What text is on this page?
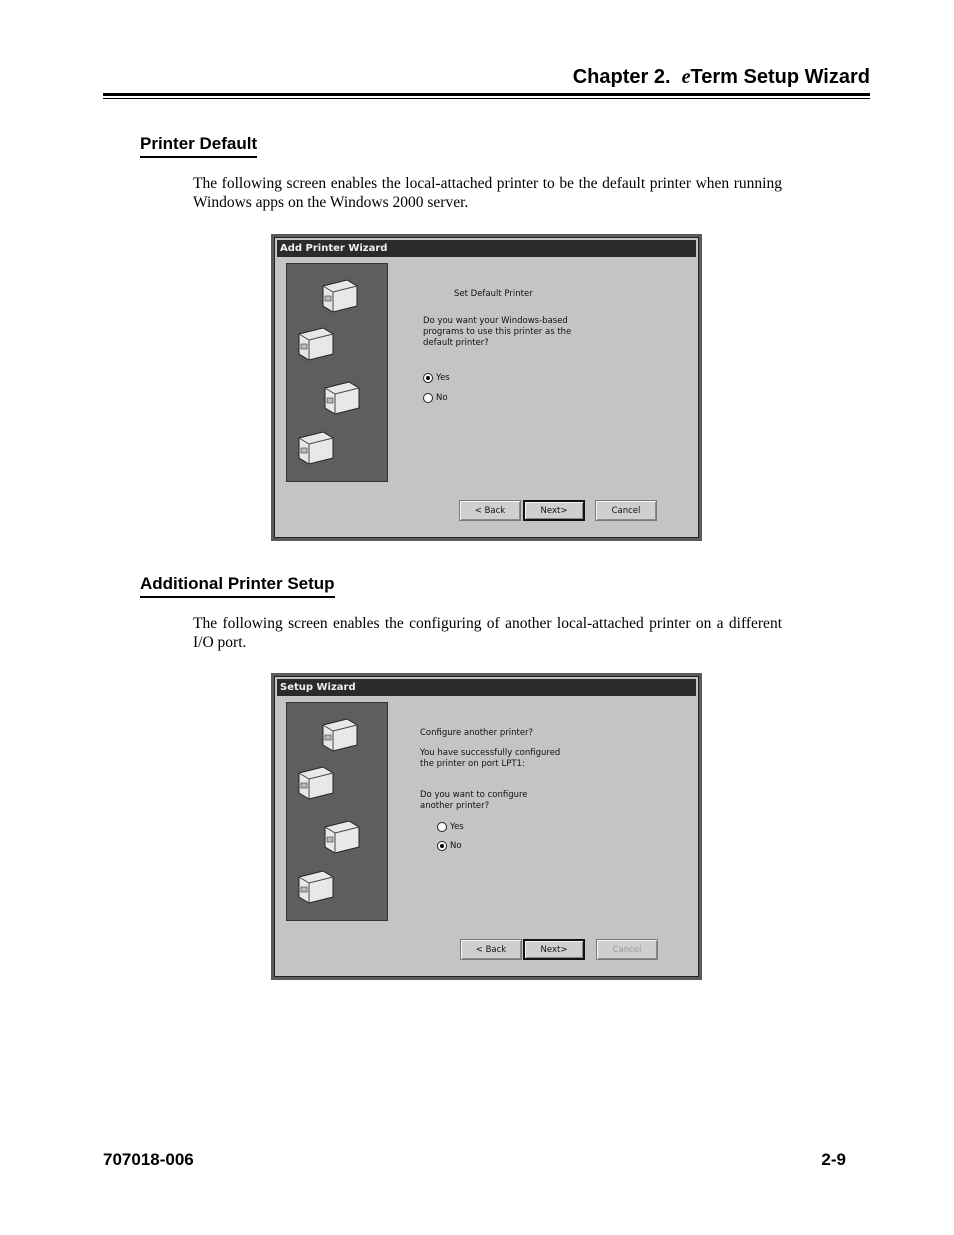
Chapter 2.  eTerm Setup Wizard
Printer Default
The following screen enables the local-attached printer to be the default printer when running Windows apps on the Windows 2000 server.
Add Printer Wizard
Set Default Printer
Do you want your Windows-based programs to use this printer as the default printer?
Yes
No
< Back	Next>	Cancel
Additional Printer Setup
The following screen enables the configuring of another local-attached printer on a different I/O port.
Setup Wizard
Configure another printer?
You have successfully configured the printer on port LPT1:
Do you want to configure another printer?
Yes
No
< Back	Next>	Cancel
707018-006	2-9
